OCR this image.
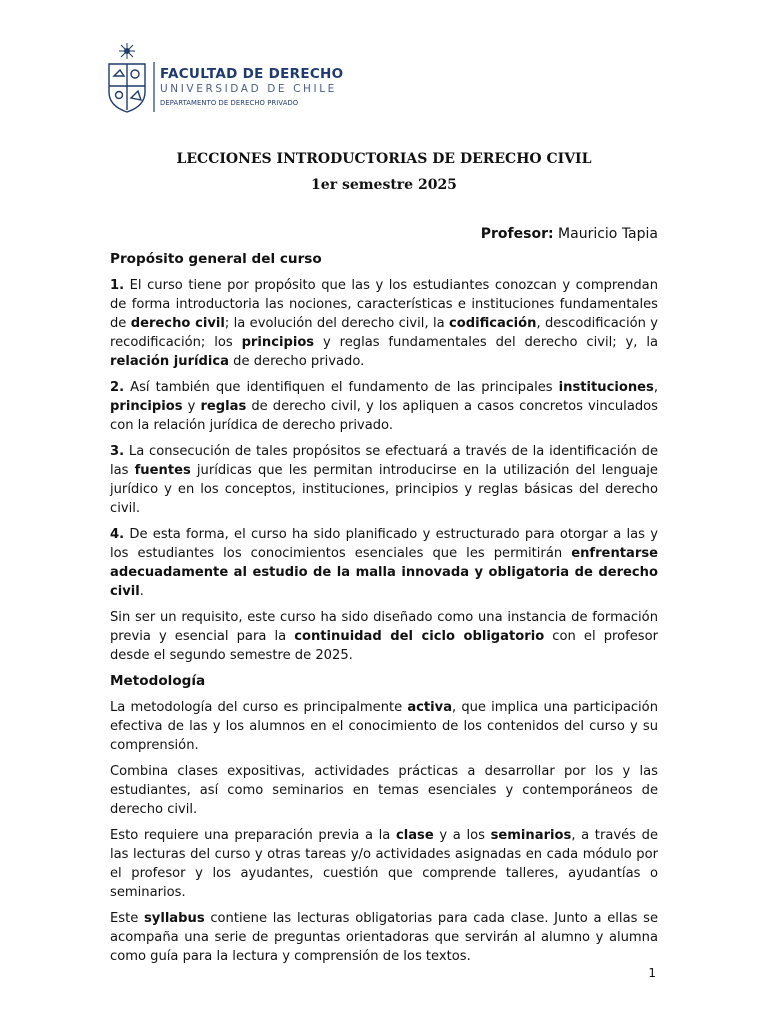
FACULTAD DE DERECHO
UNIVERSIDAD DE CHILE
DEPARTAMENTO DE DERECHO PRIVADO
LECCIONES INTRODUCTORIAS DE DERECHO CIVIL
1er semestre 2025
Profesor: Mauricio Tapia
Propósito general del curso

1. El curso tiene por propósito que las y los estudiantes conozcan y comprendan de forma introductoria las nociones, características e instituciones fundamentales de derecho civil; la evolución del derecho civil, la codificación, descodificación y recodificación; los principios y reglas fundamentales del derecho civil; y, la relación jurídica de derecho privado.

2. Así también que identifiquen el fundamento de las principales instituciones, principios y reglas de derecho civil, y los apliquen a casos concretos vinculados con la relación jurídica de derecho privado.

3. La consecución de tales propósitos se efectuará a través de la identificación de las fuentes jurídicas que les permitan introducirse en la utilización del lenguaje jurídico y en los conceptos, instituciones, principios y reglas básicas del derecho civil.

4. De esta forma, el curso ha sido planificado y estructurado para otorgar a las y los estudiantes los conocimientos esenciales que les permitirán enfrentarse adecuadamente al estudio de la malla innovada y obligatoria de derecho civil.

Sin ser un requisito, este curso ha sido diseñado como una instancia de formación previa y esencial para la continuidad del ciclo obligatorio con el profesor desde el segundo semestre de 2025.

Metodología

La metodología del curso es principalmente activa, que implica una participación efectiva de las y los alumnos en el conocimiento de los contenidos del curso y su comprensión.

Combina clases expositivas, actividades prácticas a desarrollar por los y las estudiantes, así como seminarios en temas esenciales y contemporáneos de derecho civil.

Esto requiere una preparación previa a la clase y a los seminarios, a través de las lecturas del curso y otras tareas y/o actividades asignadas en cada módulo por el profesor y los ayudantes, cuestión que comprende talleres, ayudantías o seminarios.

Este syllabus contiene las lecturas obligatorias para cada clase. Junto a ellas se acompaña una serie de preguntas orientadoras que servirán al alumno y alumna como guía para la lectura y comprensión de los textos.

1
